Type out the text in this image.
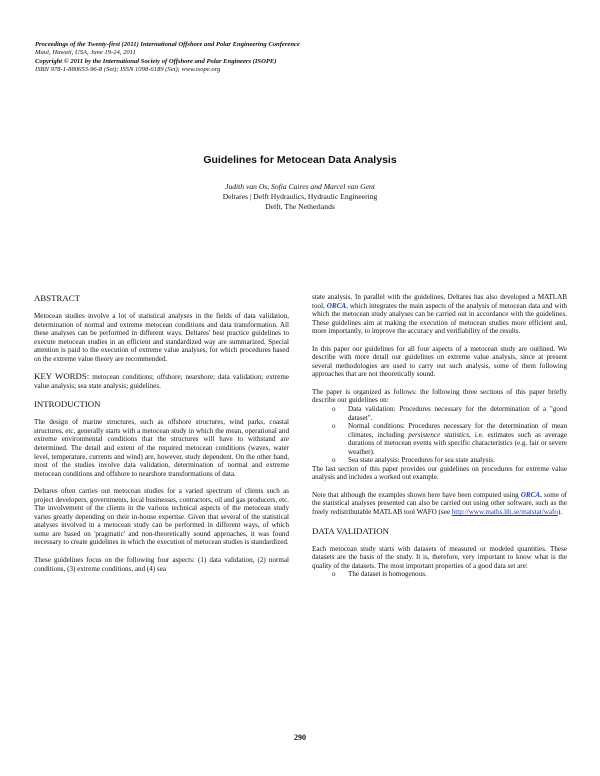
Proceedings of the Twenty-first (2011) International Offshore and Polar Engineering Conference
Maui, Hawaii, USA, June 19-24, 2011
Copyright © 2011 by the International Society of Offshore and Polar Engineers (ISOPE)
ISBN 978-1-880653-96-8 (Set); ISSN 1098-6189 (Set); www.isope.org
Guidelines for Metocean Data Analysis
Judith van Os, Sofia Caires and Marcel van Gent
Deltares | Delft Hydraulics, Hydraulic Engineering
Delft, The Netherlands
ABSTRACT
Metocean studies involve a lot of statistical analyses in the fields of data validation, determination of normal and extreme metocean conditions and data transformation. All these analyses can be performed in different ways. Deltares' best practice guidelines to execute metocean studies in an efficient and standardized way are summarized. Special attention is paid to the execution of extreme value analyses, for which procedures based on the extreme value theory are recommended.
KEY WORDS: metocean conditions; offshore; nearshore; data validation; extreme value analysis; sea state analysis; guidelines.
INTRODUCTION
The design of marine structures, such as offshore structures, wind parks, coastal structures, etc, generally starts with a metocean study in which the mean, operational and extreme environmental conditions that the structures will have to withstand are determined. The detail and extent of the required metocean conditions (waves, water level, temperature, currents and wind) are, however, study dependent. On the other hand, most of the studies involve data validation, determination of normal and extreme metocean conditions and offshore to nearshore transformations of data.
Deltares often carries out metocean studies for a varied spectrum of clients such as project developers, governments, local businesses, contractors, oil and gas producers, etc. The involvement of the clients in the various technical aspects of the metocean study varies greatly depending on their in-house expertise. Given that several of the statistical analyses involved in a metocean study can be performed in different ways, of which some are based on 'pragmatic' and non-theoretically sound approaches, it was found necessary to create guidelines in which the execution of metocean studies is standardized.
These guidelines focus on the following four aspects: (1) data validation, (2) normal conditions, (3) extreme conditions, and (4) sea
state analysis. In parallel with the guidelines, Deltares has also developed a MATLAB tool, ORCA, which integrates the main aspects of the analysis of metocean data and with which the metocean study analyses can be carried out in accordance with the guidelines. These guidelines aim at making the execution of metocean studies more efficient and, more importantly, to improve the accuracy and verifiability of the results.
In this paper our guidelines for all four aspects of a metocean study are outlined. We describe with more detail our guidelines on extreme value analysis, since at present several methodologies are used to carry out such analysis, some of them following approaches that are not theoretically sound.
The paper is organized as follows: the following three sections of this paper briefly describe our guidelines on:
o Data validation: Procedures necessary for the determination of a "good dataset".
o Normal conditions: Procedures necessary for the determination of mean climates, including persistence statistics, i.e. estimates such as average durations of metocean events with specific characteristics (e.g. fair or severe weather).
o Sea state analysis: Procedures for sea state analysis.
The last section of this paper provides our guidelines on procedures for extreme value analysis and includes a worked out example.
Note that although the examples shown here have been computed using ORCA, some of the statistical analyses presented can also be carried out using other software, such as the freely redistributable MATLAB tool WAFO (see http://www.maths.lth.se/matstat/wafo).
DATA VALIDATION
Each metocean study starts with datasets of measured or modeled quantities. These datasets are the basis of the study. It is, therefore, very important to know what is the quality of the datasets. The most important properties of a good data set are:
o The dataset is homogenous.
290
